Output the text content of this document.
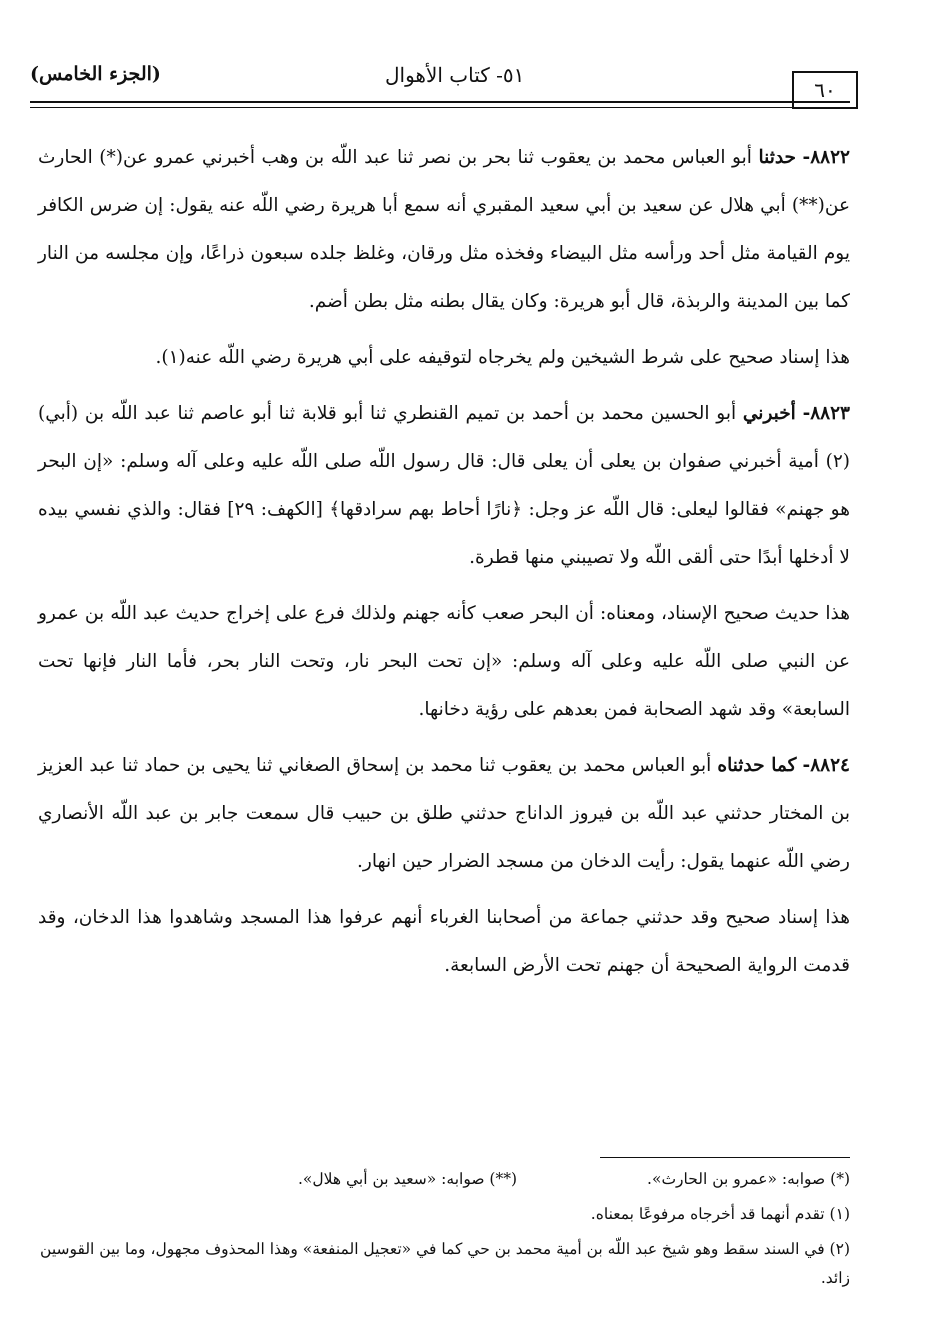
(الجزء الخامس)	٥١- كتاب الأهوال
٦٠

٨٨٢٢- حدثنا أبو العباس محمد بن يعقوب ثنا بحر بن نصر ثنا عبد اللّه بن وهب أخبرني عمرو عن(*) الحارث عن(**) أبي هلال عن سعيد بن أبي سعيد المقبري أنه سمع أبا هريرة رضي اللّه عنه يقول: إن ضرس الكافر يوم القيامة مثل أحد ورأسه مثل البيضاء وفخذه مثل ورقان، وغلظ جلده سبعون ذراعًا، وإن مجلسه من النار كما بين المدينة والربذة، قال أبو هريرة: وكان يقال بطنه مثل بطن أضم.

هذا إسناد صحيح على شرط الشيخين ولم يخرجاه لتوقيفه على أبي هريرة رضي اللّه عنه(١).

٨٨٢٣- أخبرني أبو الحسين محمد بن أحمد بن تميم القنطري ثنا أبو قلابة ثنا أبو عاصم ثنا عبد اللّه بن (أبي)(٢) أمية أخبرني صفوان بن يعلى أن يعلى قال: قال رسول اللّه صلى اللّه عليه وعلى آله وسلم: «إن البحر هو جهنم» فقالوا ليعلى: قال اللّه عز وجل: ﴿نارًا أحاط بهم سرادقها﴾ [الكهف: ٢٩] فقال: والذي نفسي بيده لا أدخلها أبدًا حتى ألقى اللّه ولا تصيبني منها قطرة.

هذا حديث صحيح الإسناد، ومعناه: أن البحر صعب كأنه جهنم ولذلك فرع على إخراج حديث عبد اللّه بن عمرو عن النبي صلى اللّه عليه وعلى آله وسلم: «إن تحت البحر نار، وتحت النار بحر، فأما النار فإنها تحت السابعة» وقد شهد الصحابة فمن بعدهم على رؤية دخانها.

٨٨٢٤- كما حدثناه أبو العباس محمد بن يعقوب ثنا محمد بن إسحاق الصغاني ثنا يحيى بن حماد ثنا عبد العزيز بن المختار حدثني عبد اللّه بن فيروز الداناج حدثني طلق بن حبيب قال سمعت جابر بن عبد اللّه الأنصاري رضي اللّه عنهما يقول: رأيت الدخان من مسجد الضرار حين انهار.

هذا إسناد صحيح وقد حدثني جماعة من أصحابنا الغرباء أنهم عرفوا هذا المسجد وشاهدوا هذا الدخان، وقد قدمت الرواية الصحيحة أن جهنم تحت الأرض السابعة.

(*) صوابه: «عمرو بن الحارث».
(**) صوابه: «سعيد بن أبي هلال».

(١) تقدم أنهما قد أخرجاه مرفوعًا بمعناه.

(٢) في السند سقط وهو شيخ عبد اللّه بن أمية محمد بن حي كما في «تعجيل المنفعة» وهذا المحذوف مجهول، وما بين القوسين زائد.
